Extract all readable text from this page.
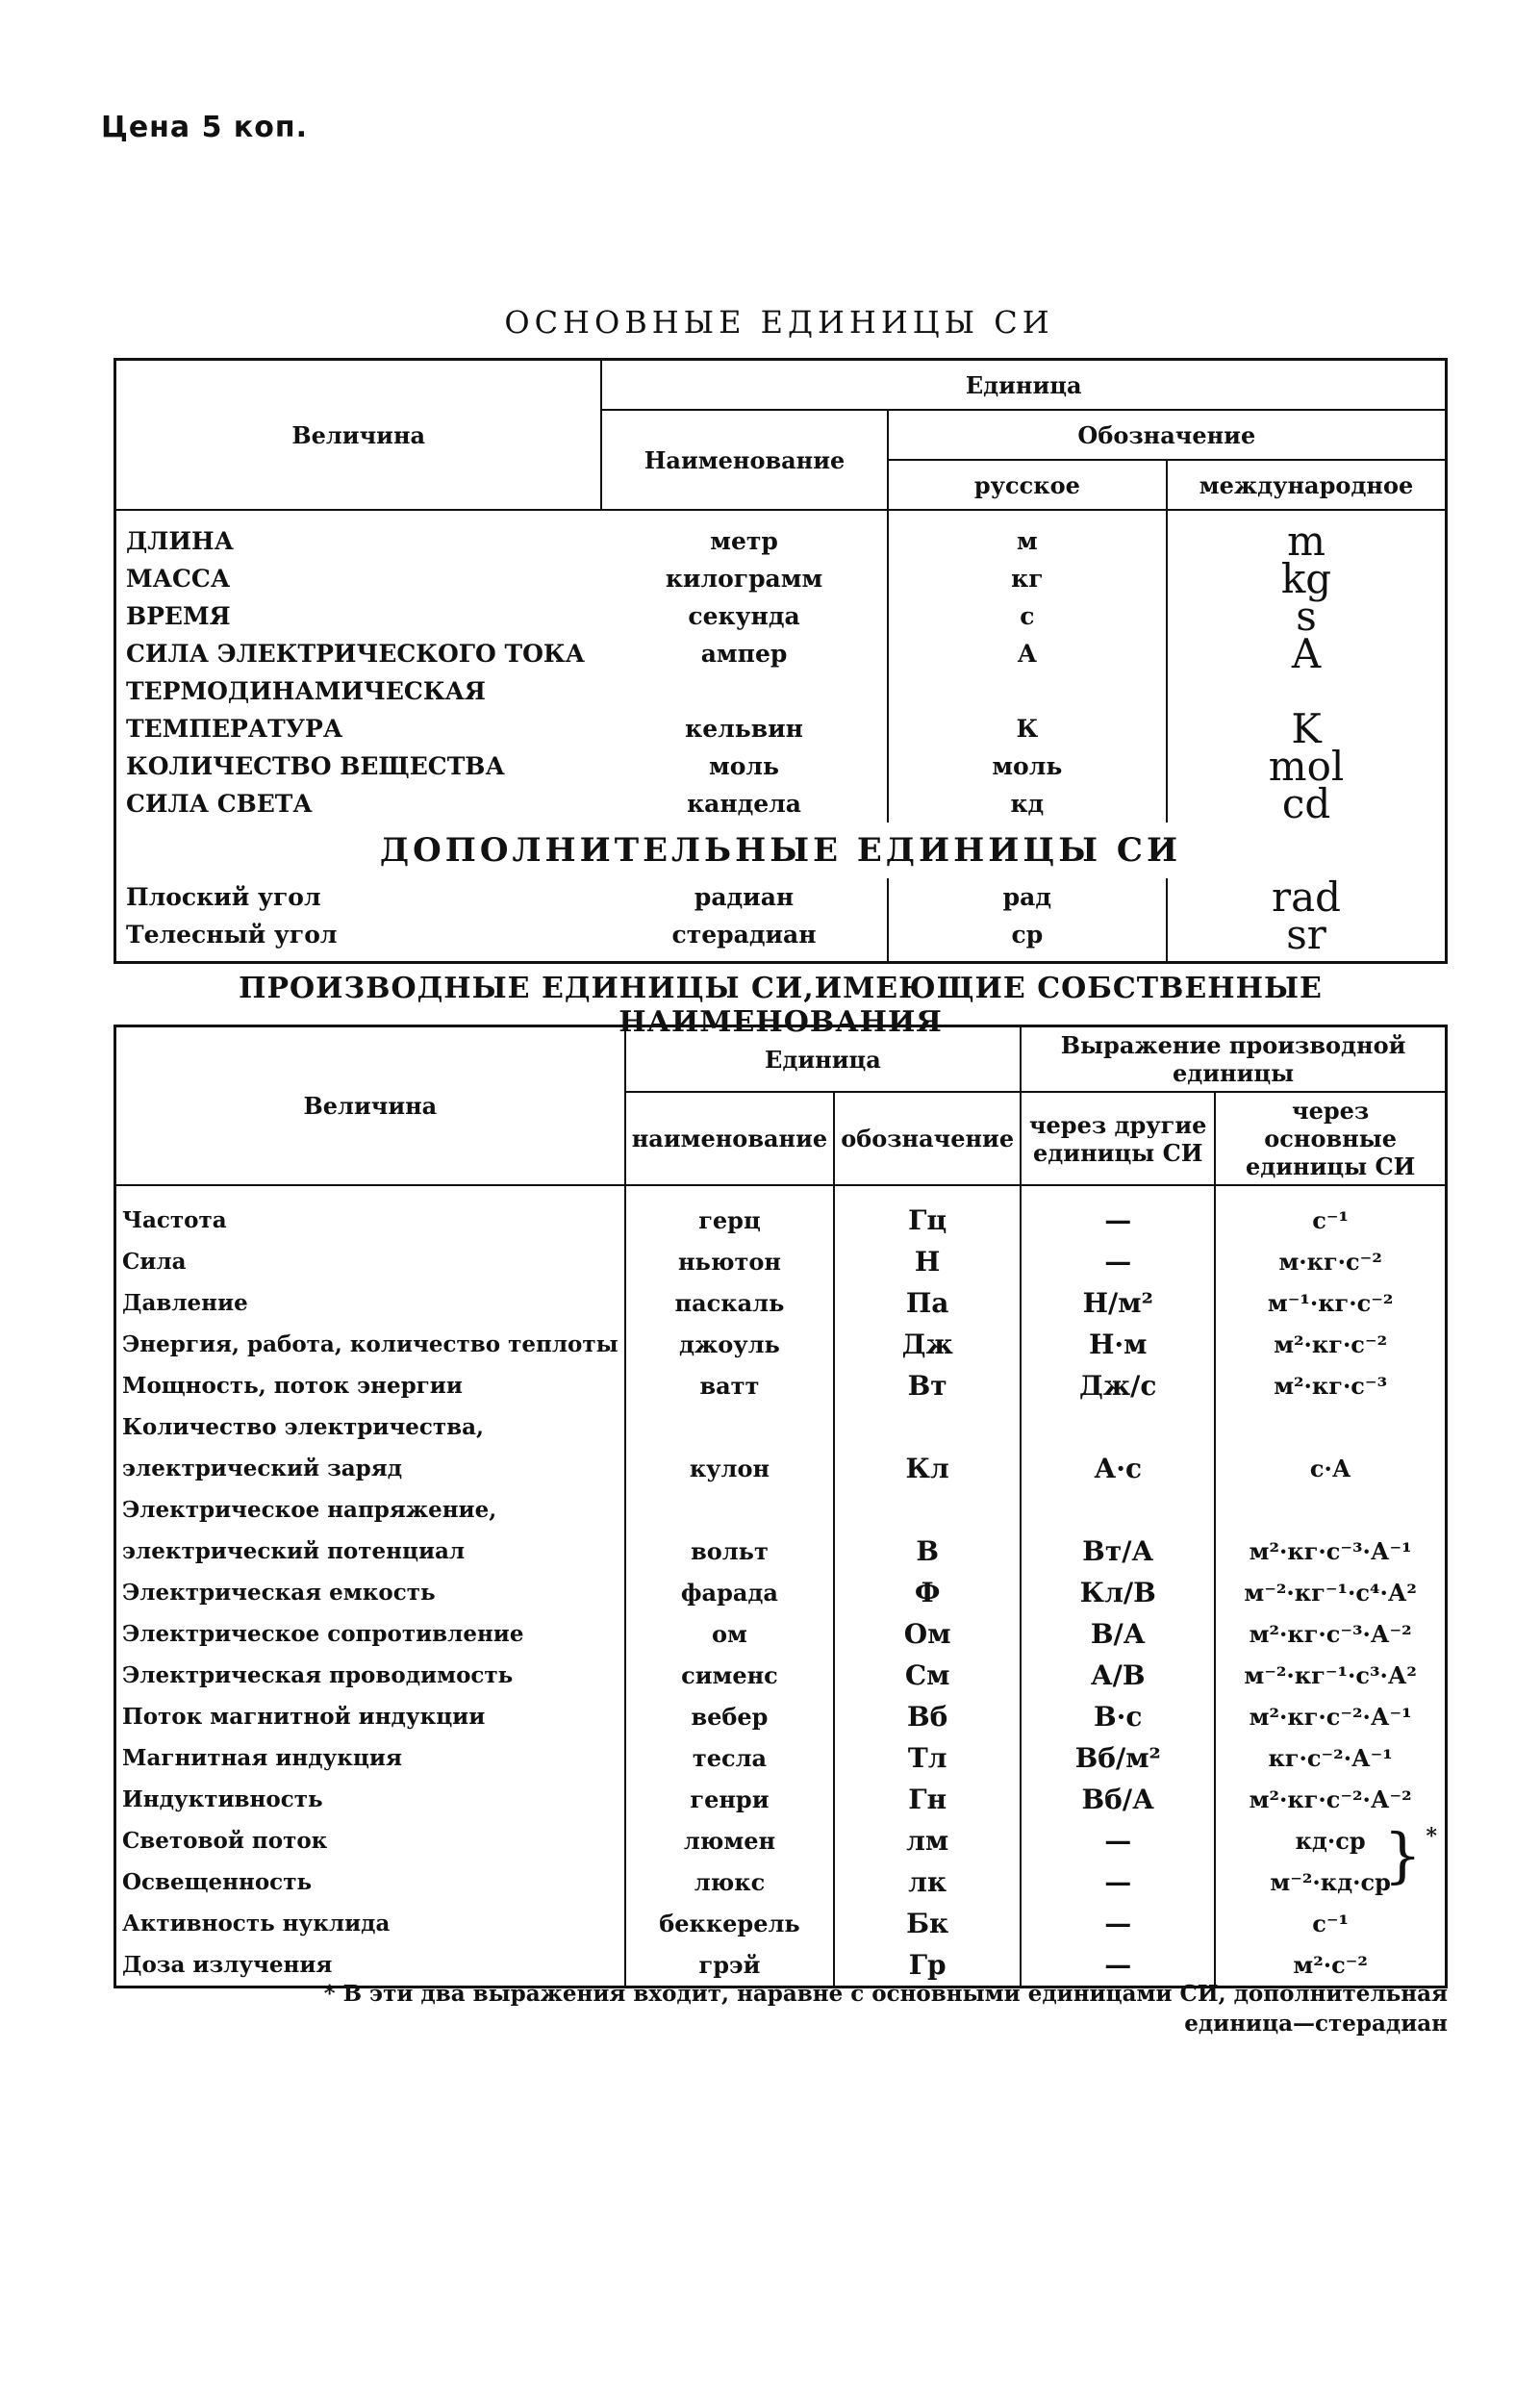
Цена 5 коп.
ОСНОВНЫЕ ЕДИНИЦЫ СИ
Величина	Единица		
	Наименование	Обозначение	
		русское	международное
ДЛИНА	метр	м	m
МАССА	килограмм	кг	kg
ВРЕМЯ	секунда	с	s
СИЛА ЭЛЕКТРИЧЕСКОГО ТОКА	ампер	А	A
ТЕРМОДИНАМИЧЕСКАЯ			
ТЕМПЕРАТУРА	кельвин	К	K
КОЛИЧЕСТВО ВЕЩЕСТВА	моль	моль	mol
СИЛА СВЕТА	кандела	кд	cd
ДОПОЛНИТЕЛЬНЫЕ ЕДИНИЦЫ СИ			
Плоский угол	радиан	рад	rad
Телесный угол	стерадиан	ср	sr
ПРОИЗВОДНЫЕ ЕДИНИЦЫ СИ,ИМЕЮЩИЕ СОБСТВЕННЫЕ НАИМЕНОВАНИЯ
Величина	Единица		Выражение производной единицы	
	наименование	обозначение	через другие единицы СИ	через основные единицы СИ

Частота	герц	Гц	—	с⁻¹
Сила	ньютон	Н	—	м·кг·с⁻²
Давление	паскаль	Па	Н/м²	м⁻¹·кг·с⁻²
Энергия, работа, количество теплоты	джоуль	Дж	Н·м	м²·кг·с⁻²
Мощность, поток энергии	ватт	Вт	Дж/с	м²·кг·с⁻³
Количество электричества,				
электрический заряд	кулон	Кл	А·с	с·А
Электрическое напряжение,				
электрический потенциал	вольт	В	Вт/А	м²·кг·с⁻³·А⁻¹
Электрическая емкость	фарада	Ф	Кл/В	м⁻²·кг⁻¹·с⁴·А²
Электрическое сопротивление	ом	Ом	В/А	м²·кг·с⁻³·А⁻²
Электрическая проводимость	сименс	См	А/В	м⁻²·кг⁻¹·с³·А²
Поток магнитной индукции	вебер	Вб	В·с	м²·кг·с⁻²·А⁻¹
Магнитная индукция	тесла	Тл	Вб/м²	кг·с⁻²·А⁻¹
Индуктивность	генри	Гн	Вб/А	м²·кг·с⁻²·А⁻²
Световой поток	люмен	лм	—	кд·ср } *

Освещенность	люкс	лк	—	м⁻²·кд·ср
Активность нуклида	беккерель	Бк	—	с⁻¹
Доза излучения	грэй	Гр	—	м²·с⁻²
* В эти два выражения входит, наравне с основными единицами СИ, дополнительная
единица—стерадиан
